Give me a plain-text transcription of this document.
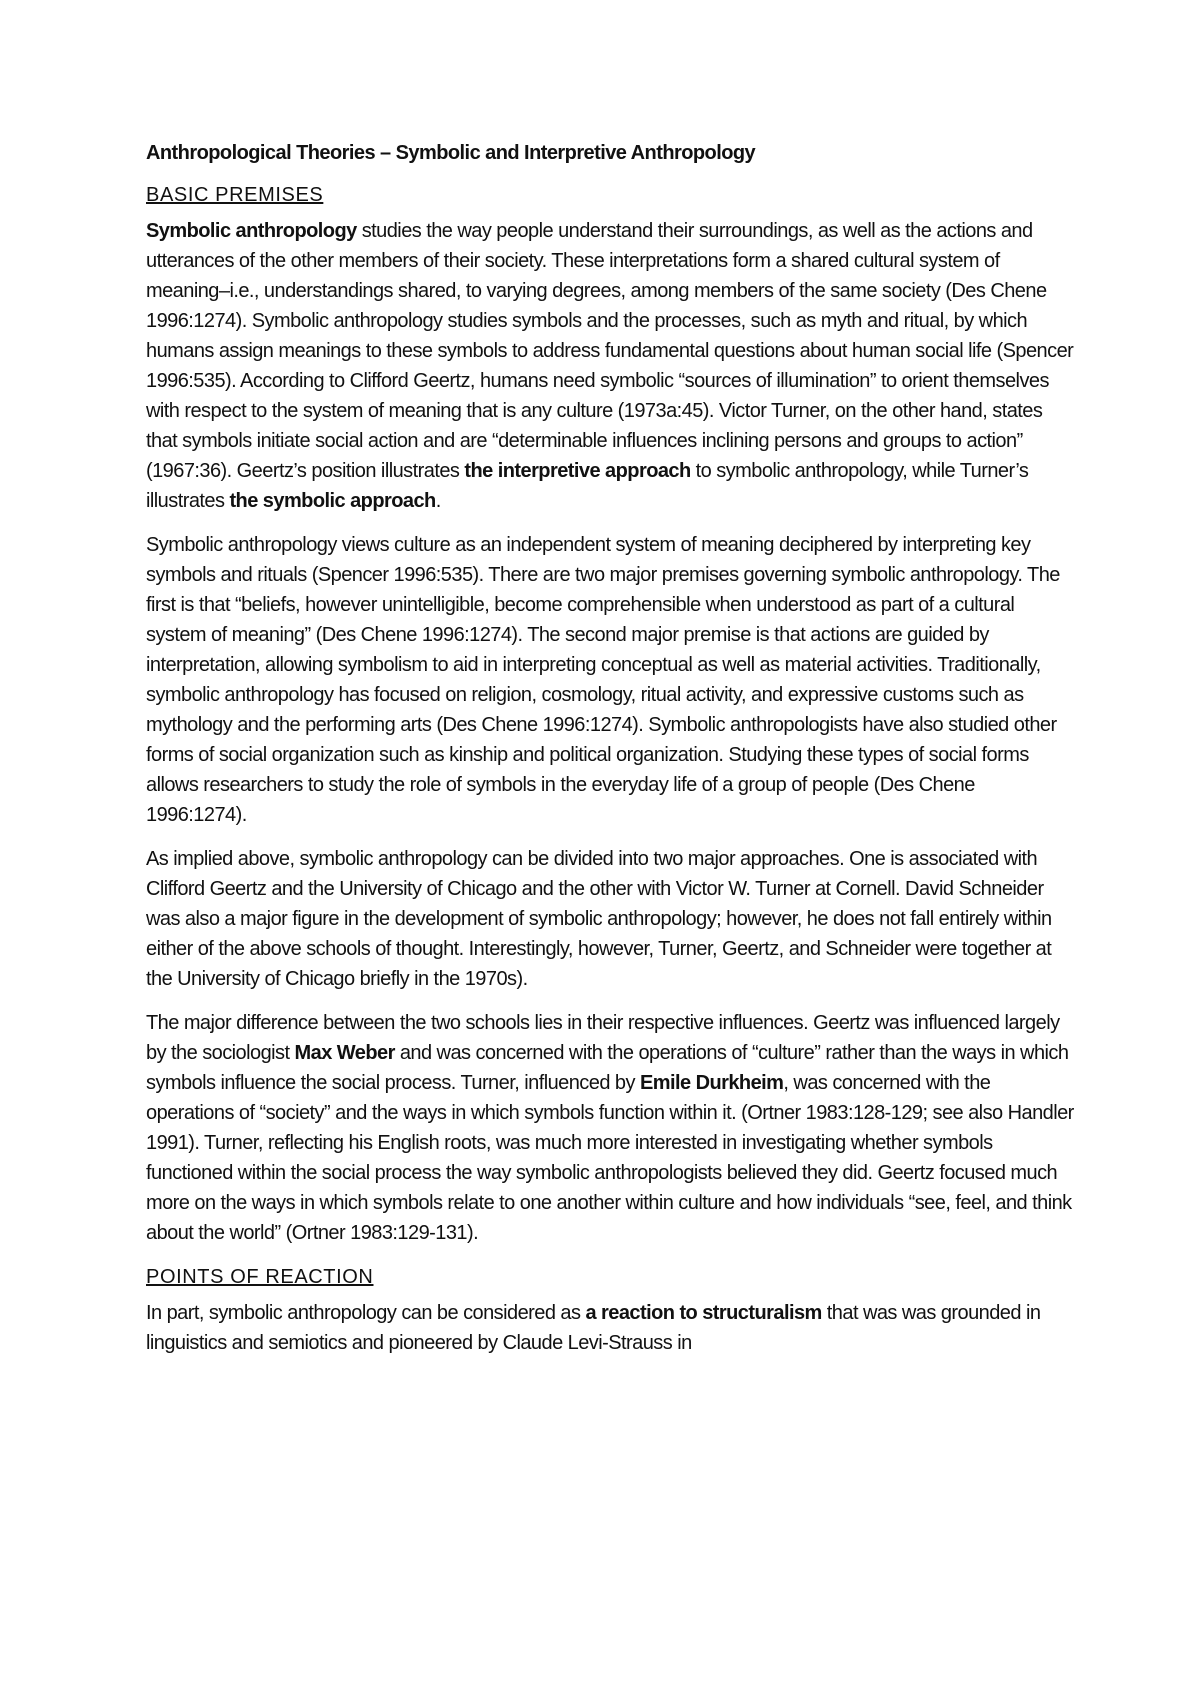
Anthropological Theories – Symbolic and Interpretive Anthropology
BASIC PREMISES

Symbolic anthropology studies the way people understand their surroundings, as well as the actions and utterances of the other members of their society. These interpretations form a shared cultural system of meaning–i.e., understandings shared, to varying degrees, among members of the same society (Des Chene 1996:1274). Symbolic anthropology studies symbols and the processes, such as myth and ritual, by which humans assign meanings to these symbols to address fundamental questions about human social life (Spencer 1996:535). According to Clifford Geertz, humans need symbolic “sources of illumination” to orient themselves with respect to the system of meaning that is any culture (1973a:45). Victor Turner, on the other hand, states that symbols initiate social action and are “determinable influences inclining persons and groups to action” (1967:36). Geertz’s position illustrates the interpretive approach to symbolic anthropology, while Turner’s illustrates the symbolic approach.

Symbolic anthropology views culture as an independent system of meaning deciphered by interpreting key symbols and rituals (Spencer 1996:535). There are two major premises governing symbolic anthropology. The first is that “beliefs, however unintelligible, become comprehensible when understood as part of a cultural system of meaning” (Des Chene 1996:1274). The second major premise is that actions are guided by interpretation, allowing symbolism to aid in interpreting conceptual as well as material activities. Traditionally, symbolic anthropology has focused on religion, cosmology, ritual activity, and expressive customs such as mythology and the performing arts (Des Chene 1996:1274). Symbolic anthropologists have also studied other forms of social organization such as kinship and political organization. Studying these types of social forms allows researchers to study the role of symbols in the everyday life of a group of people (Des Chene 1996:1274).

As implied above, symbolic anthropology can be divided into two major approaches. One is associated with Clifford Geertz and the University of Chicago and the other with Victor W. Turner at Cornell. David Schneider was also a major figure in the development of symbolic anthropology; however, he does not fall entirely within either of the above schools of thought. Interestingly, however, Turner, Geertz, and Schneider were together at the University of Chicago briefly in the 1970s).

The major difference between the two schools lies in their respective influences. Geertz was influenced largely by the sociologist Max Weber and was concerned with the operations of “culture” rather than the ways in which symbols influence the social process. Turner, influenced by Emile Durkheim, was concerned with the operations of “society” and the ways in which symbols function within it. (Ortner 1983:128-129; see also Handler 1991). Turner, reflecting his English roots, was much more interested in investigating whether symbols functioned within the social process the way symbolic anthropologists believed they did. Geertz focused much more on the ways in which symbols relate to one another within culture and how individuals “see, feel, and think about the world” (Ortner 1983:129-131).

POINTS OF REACTION

In part, symbolic anthropology can be considered as a reaction to structuralism that was was grounded in linguistics and semiotics and pioneered by Claude Levi-Strauss in
